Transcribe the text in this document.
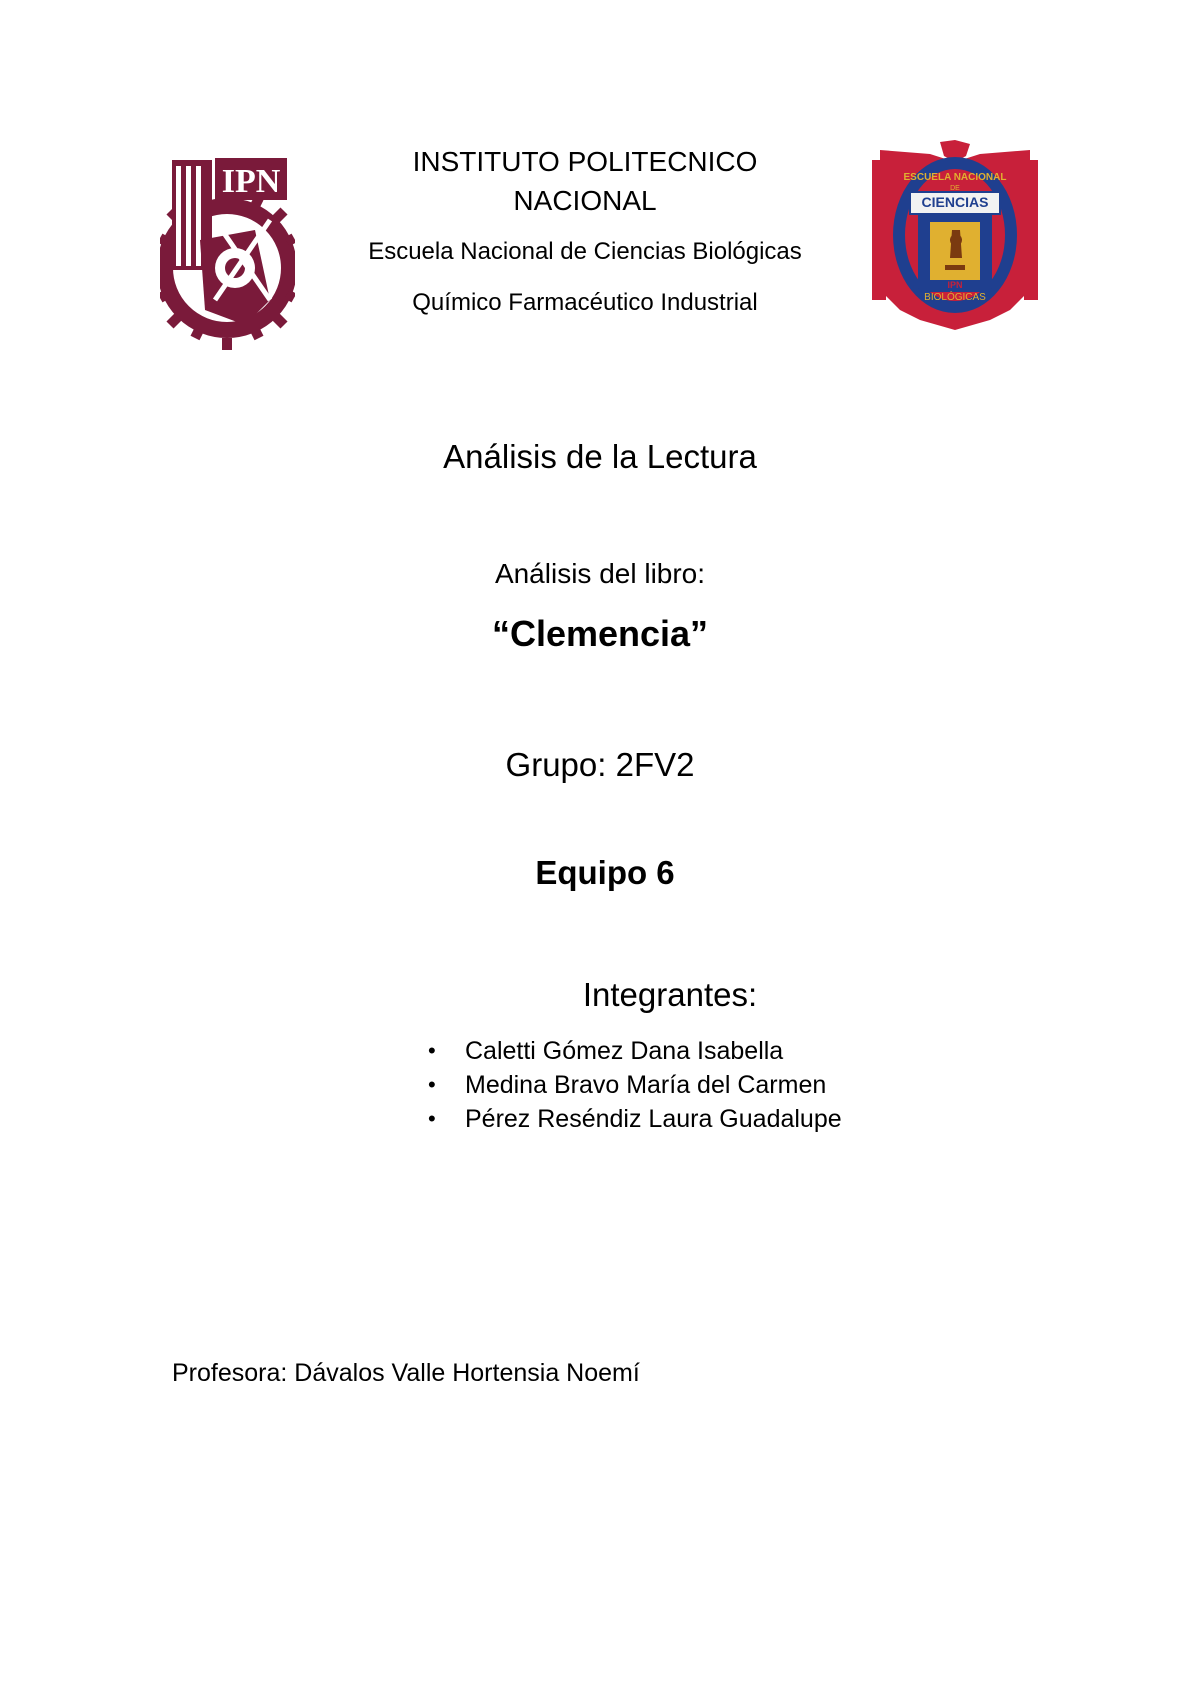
IPN
INSTITUTO POLITECNICO
NACIONAL
Escuela Nacional de Ciencias Biológicas
Químico Farmacéutico Industrial
CIENCIAS
ESCUELA NACIONAL
DE
BIOLÓGICAS
IPN
Análisis de la Lectura
Análisis del libro:
“Clemencia”
Grupo: 2FV2
Equipo 6
Integrantes:
• Caletti Gómez Dana Isabella
• Medina Bravo María del Carmen
• Pérez Reséndiz Laura Guadalupe
Profesora: Dávalos Valle Hortensia Noemí
